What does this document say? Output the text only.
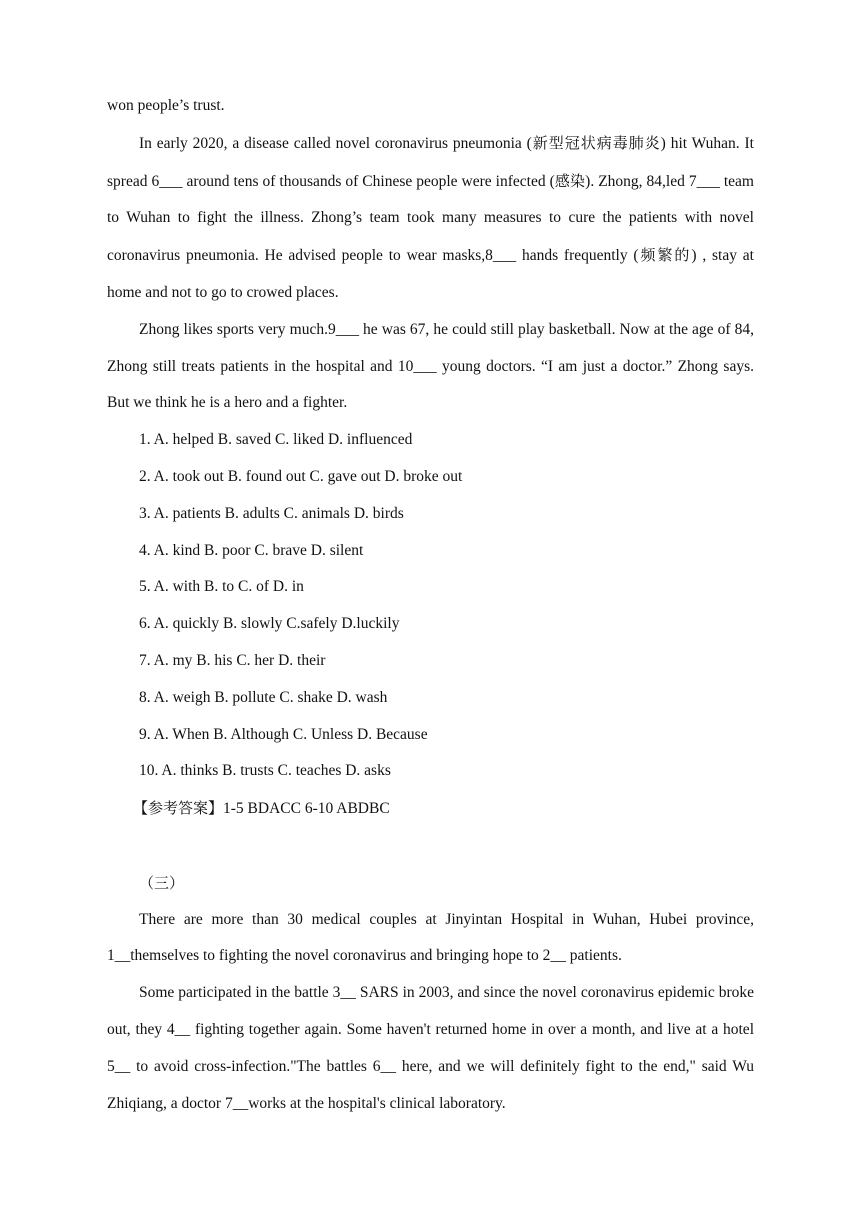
won people’s trust.

In early 2020, a disease called novel coronavirus pneumonia (新型冠状病毒肺炎) hit Wuhan. It spread 6___ around tens of thousands of Chinese people were infected (感染). Zhong, 84,led 7___ team to Wuhan to fight the illness. Zhong’s team took many measures to cure the patients with novel coronavirus pneumonia. He advised people to wear masks,8___ hands frequently (频繁的) , stay at home and not to go to crowed places.

Zhong likes sports very much.9___ he was 67, he could still play basketball. Now at the age of 84, Zhong still treats patients in the hospital and 10___ young doctors. “I am just a doctor.” Zhong says. But we think he is a hero and a fighter.

1. A. helped B. saved C. liked D. influenced

2. A. took out B. found out C. gave out D. broke out

3. A. patients B. adults C. animals D. birds

4. A. kind B. poor C. brave D. silent

5. A. with B. to C. of D. in

6. A. quickly B. slowly C.safely D.luckily

7. A. my B. his C. her D. their

8. A. weigh B. pollute C. shake D. wash

9. A. When B. Although C. Unless D. Because

10. A. thinks B. trusts C. teaches D. asks

【参考答案】1-5 BDACC 6-10 ABDBC

（三）

There are more than 30 medical couples at Jinyintan Hospital in Wuhan, Hubei province, 1__themselves to fighting the novel coronavirus and bringing hope to 2__ patients.

Some participated in the battle 3__ SARS in 2003, and since the novel coronavirus epidemic broke out, they 4__ fighting together again. Some haven't returned home in over a month, and live at a hotel 5__ to avoid cross-infection."The battles 6__ here, and we will definitely fight to the end," said Wu Zhiqiang, a doctor 7__works at the hospital's clinical laboratory.
